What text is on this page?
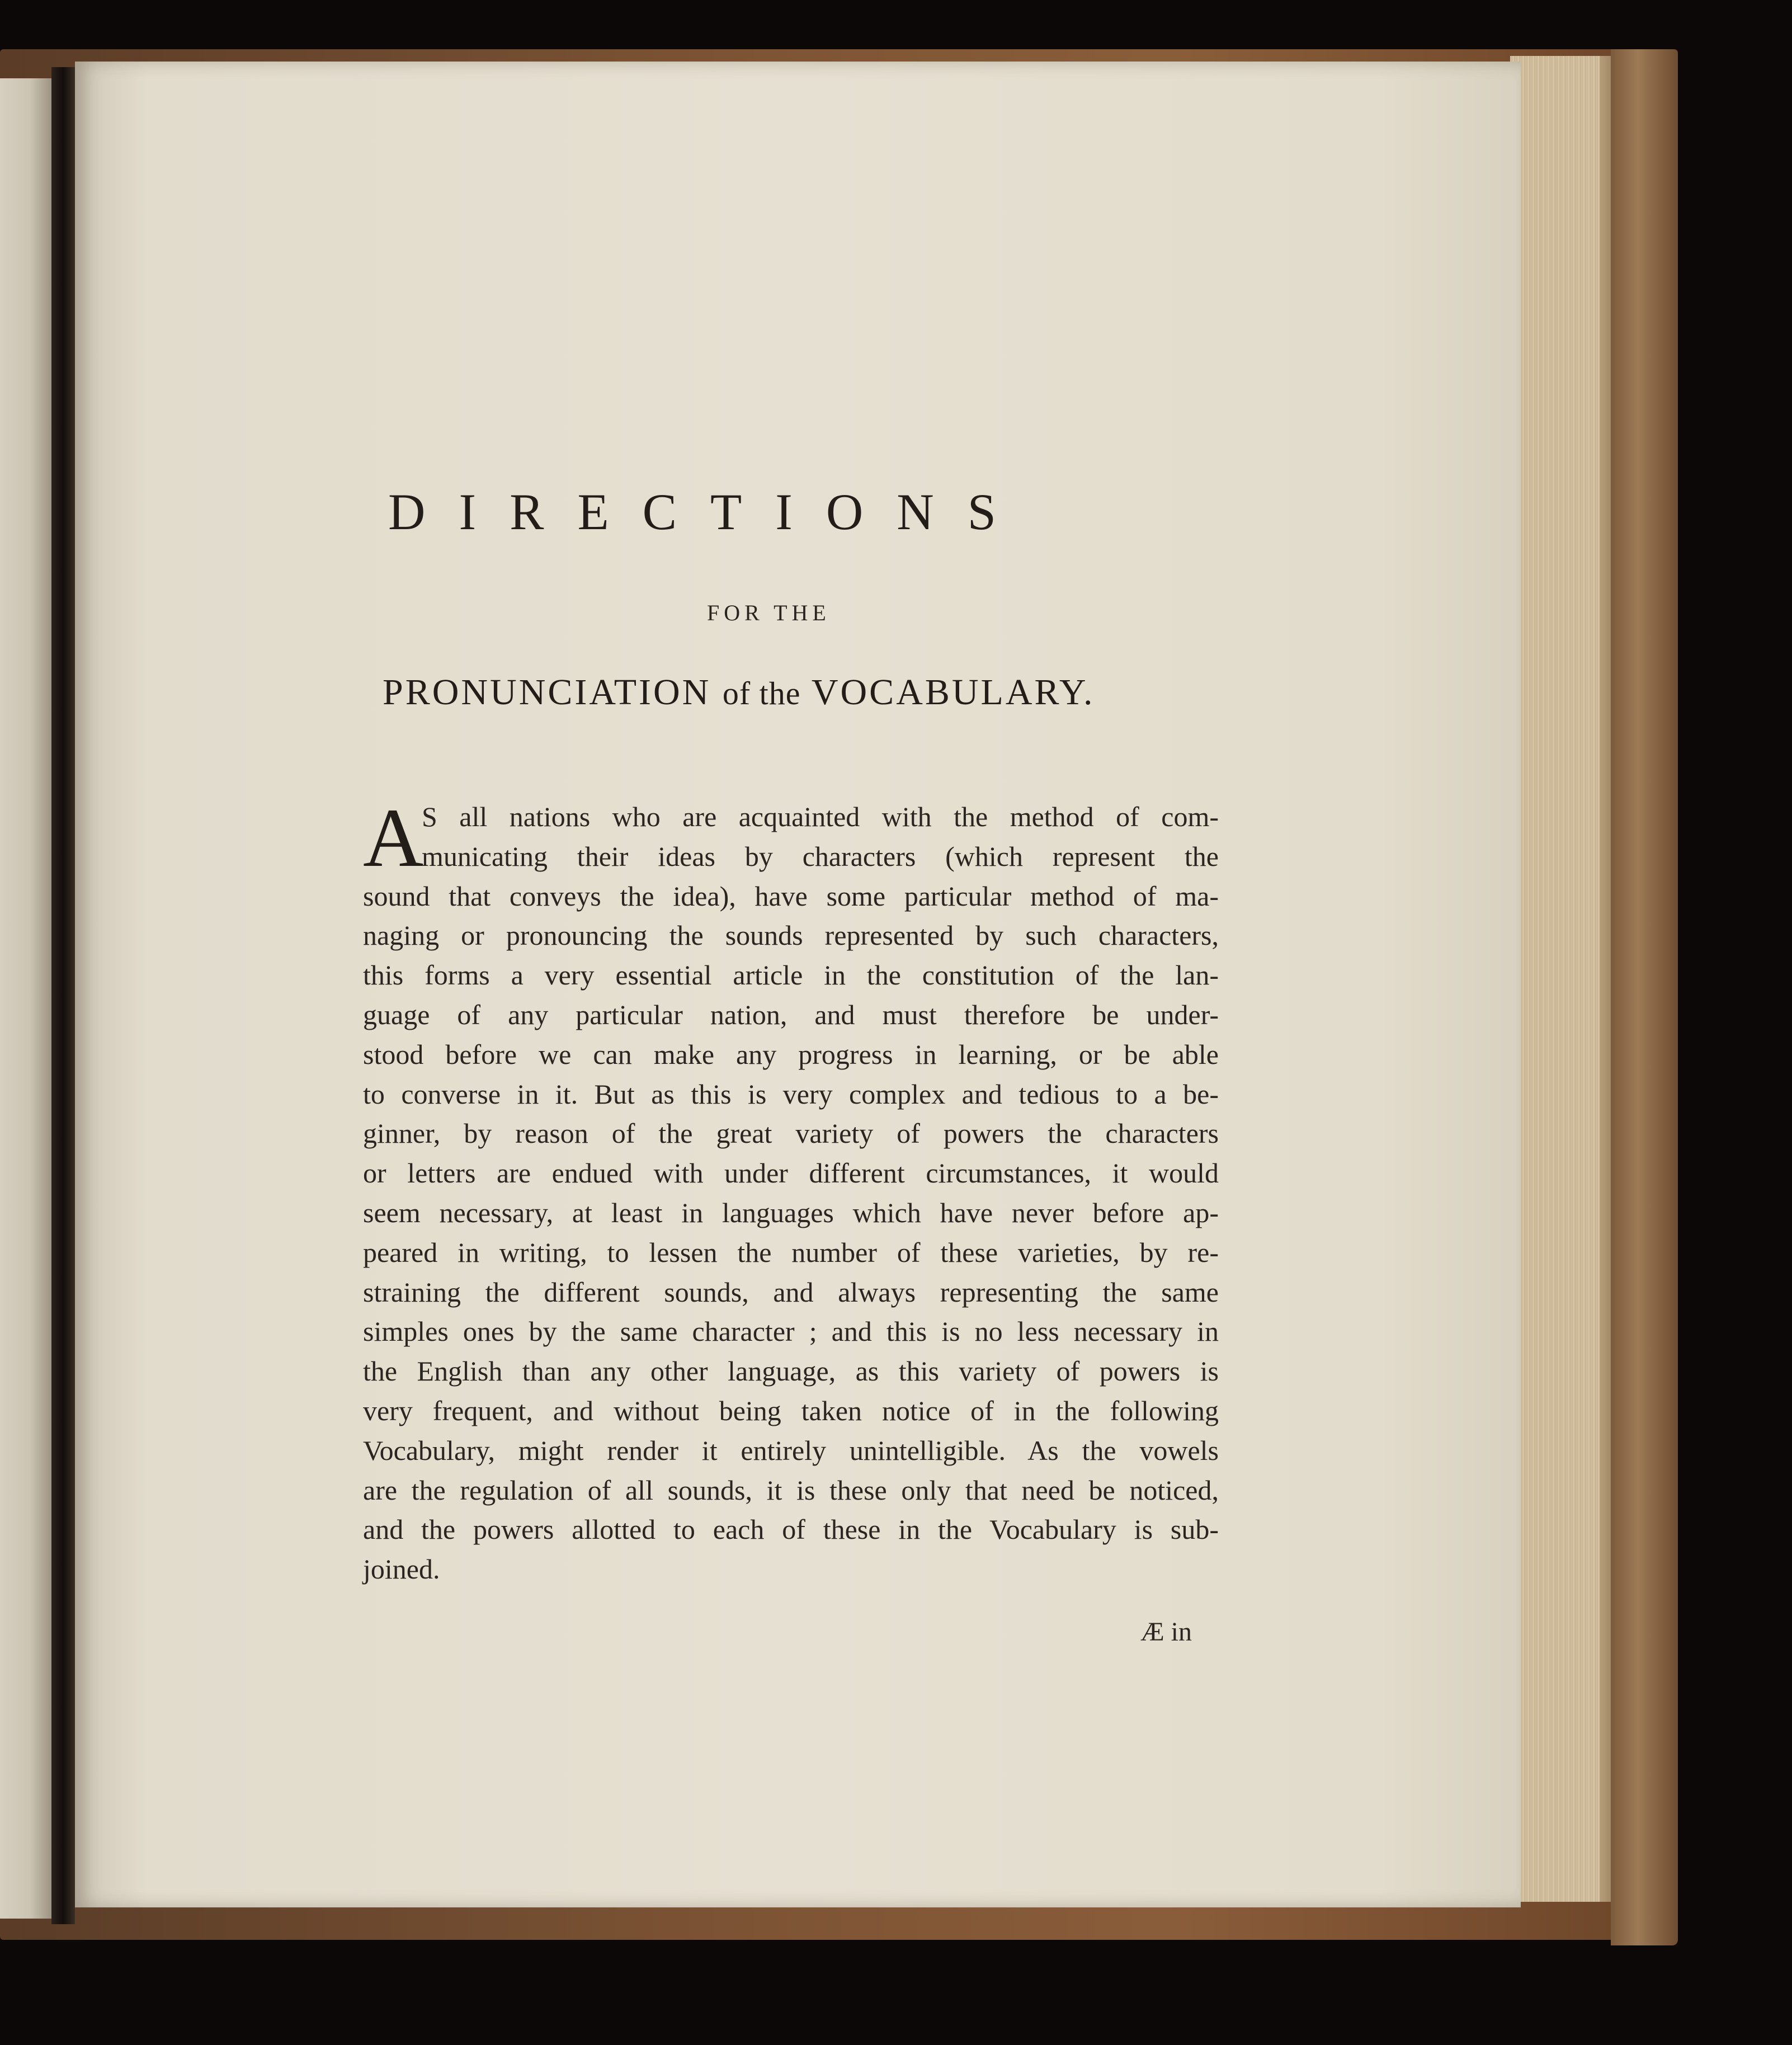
DIRECTIONS
FOR THE
PRONUNCIATION of the VOCABULARY.
A
S all nations who are acquainted with the method of com-
municating their ideas by characters (which represent the
sound that conveys the idea), have some particular method of ma-
naging or pronouncing the sounds represented by such characters,
this forms a very essential article in the constitution of the lan-
guage of any particular nation, and must therefore be under-
stood before we can make any progress in learning, or be able
to converse in it. But as this is very complex and tedious to a be-
ginner, by reason of the great variety of powers the characters
or letters are endued with under different circumstances, it would
seem necessary, at least in languages which have never before ap-
peared in writing, to lessen the number of these varieties, by re-
straining the different sounds, and always representing the same
simples ones by the same character ; and this is no less necessary in
the English than any other language, as this variety of powers is
very frequent, and without being taken notice of in the following
Vocabulary, might render it entirely unintelligible. As the vowels
are the regulation of all sounds, it is these only that need be noticed,
and the powers allotted to each of these in the Vocabulary is sub-
joined.
Æ in
